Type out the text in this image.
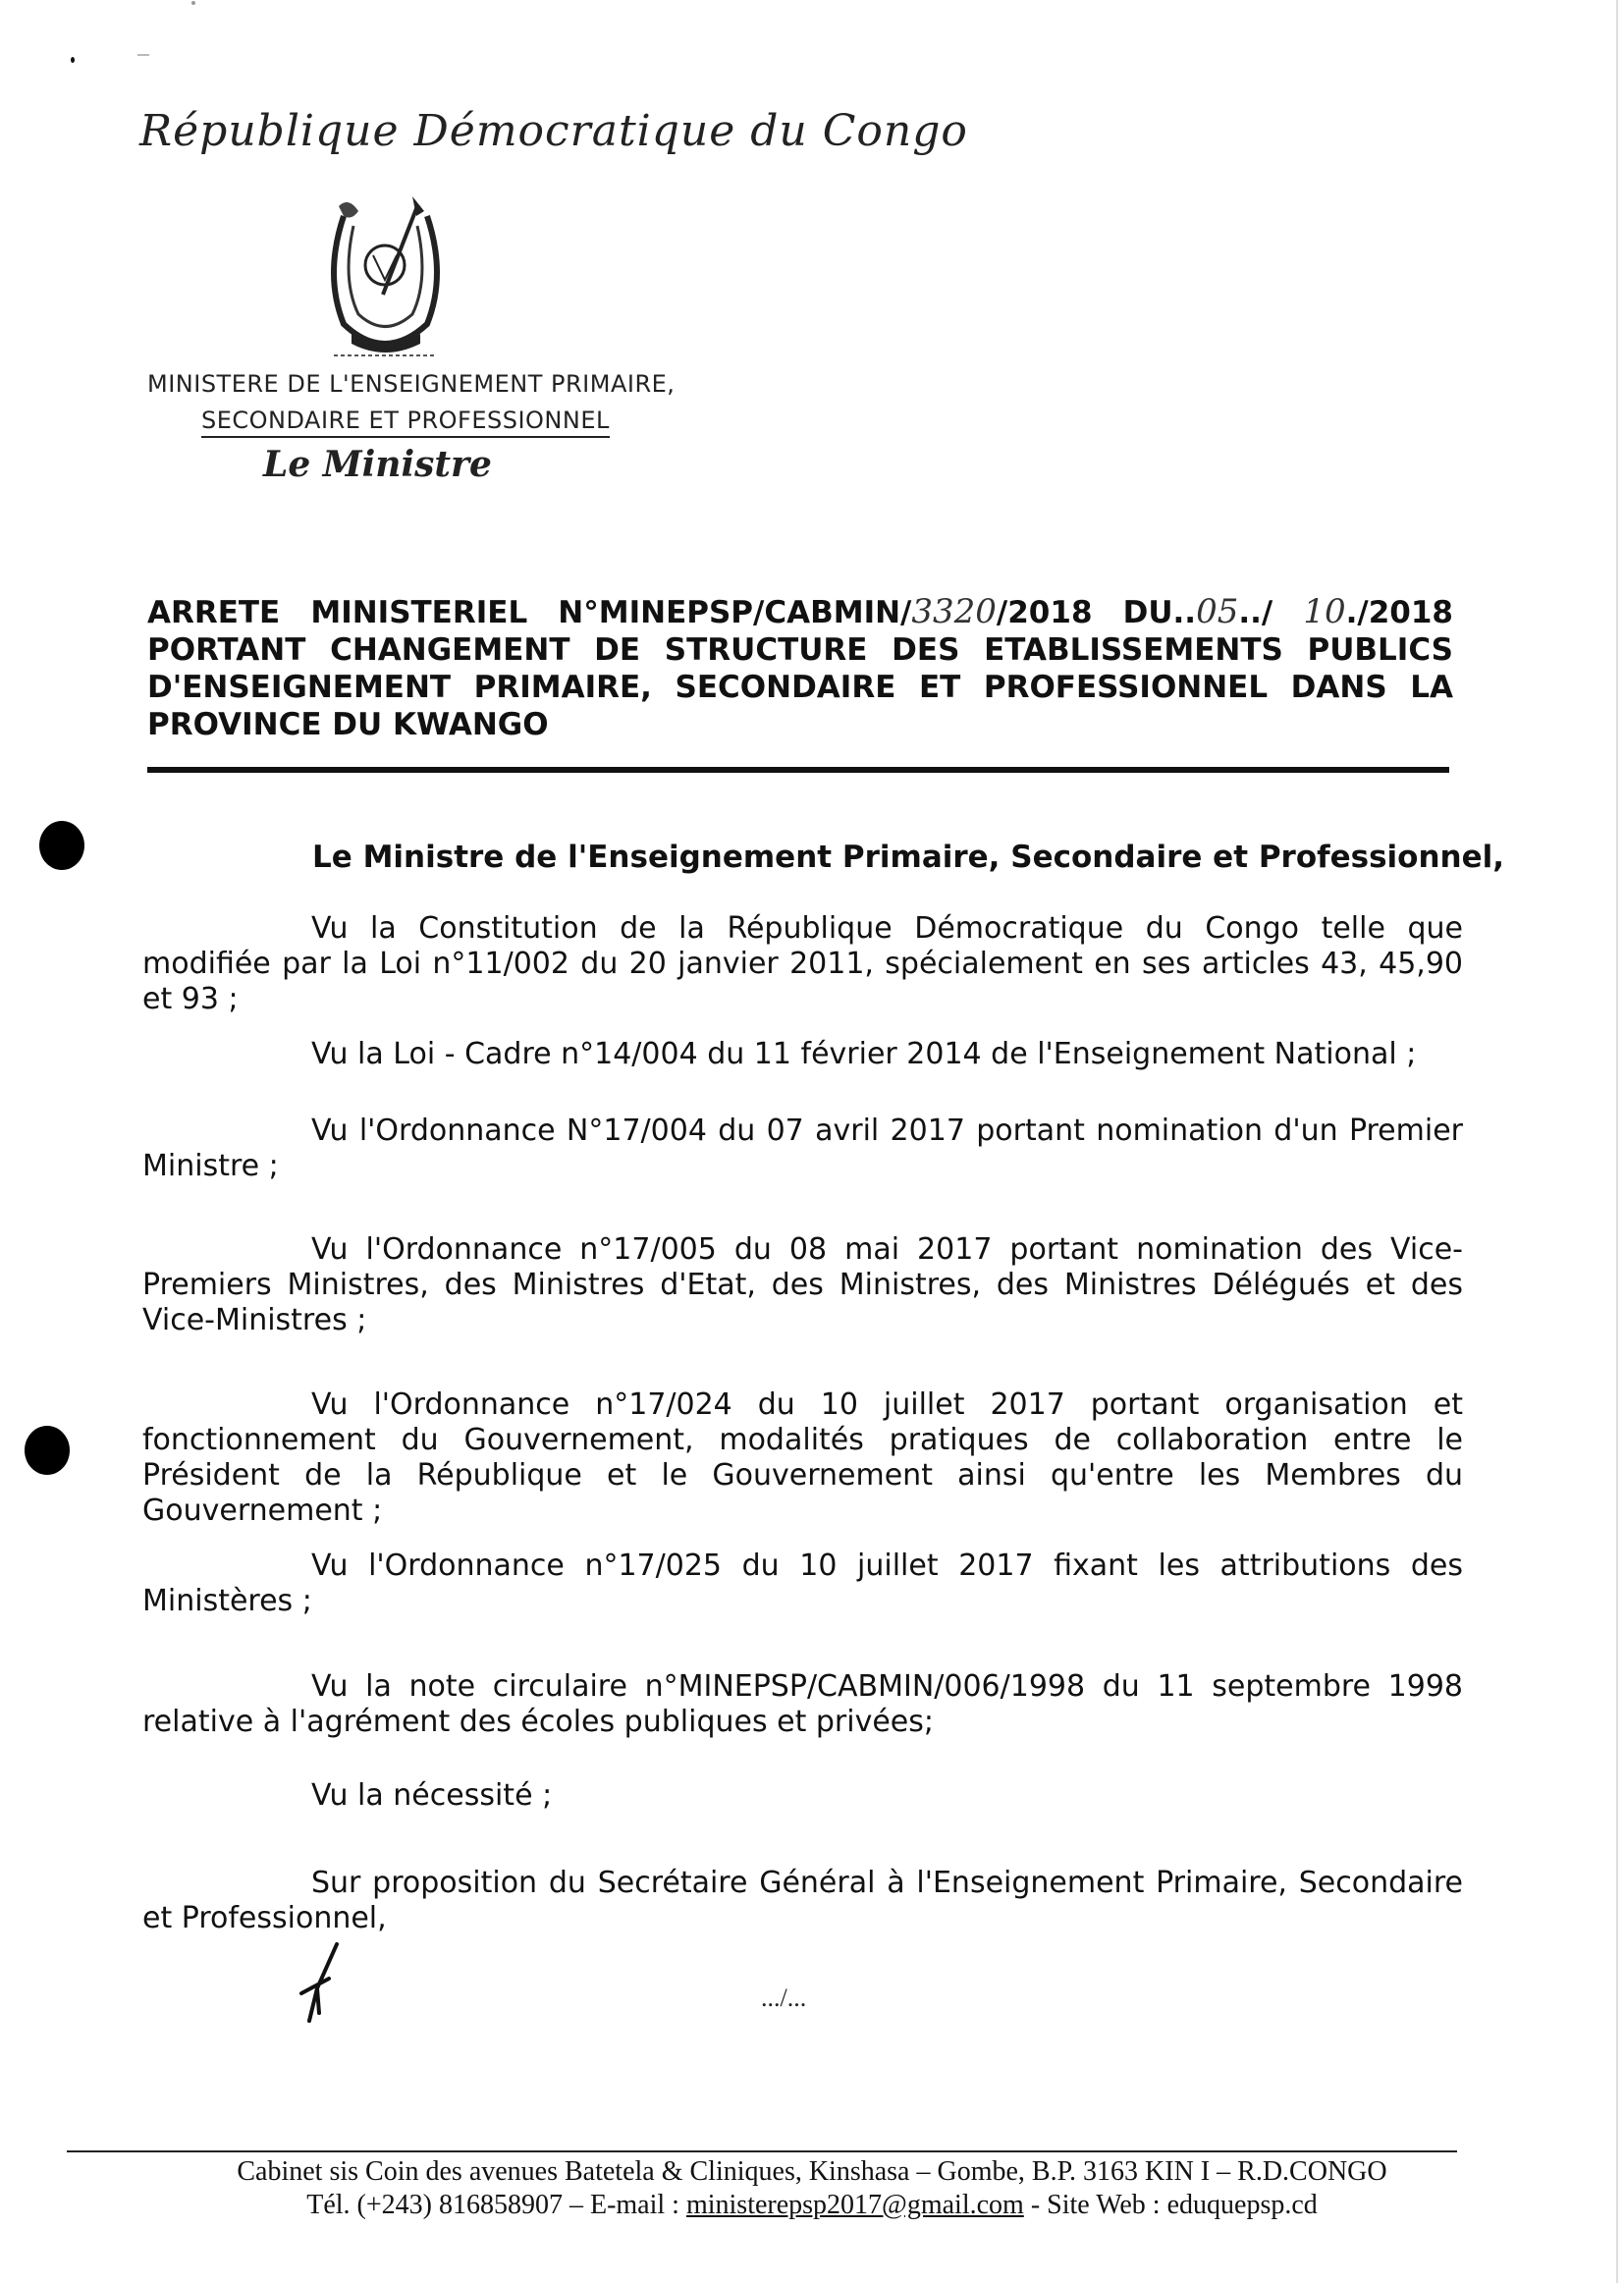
République Démocratique du Congo
MINISTERE DE L'ENSEIGNEMENT PRIMAIRE,
SECONDAIRE ET PROFESSIONNEL
Le Ministre
ARRETE MINISTERIEL N°MINEPSP/CABMIN/3320/2018 DU..05../ 10./2018
PORTANT CHANGEMENT DE STRUCTURE DES ETABLISSEMENTS PUBLICS
D'ENSEIGNEMENT PRIMAIRE, SECONDAIRE ET PROFESSIONNEL DANS LA
PROVINCE DU KWANGO
Le Ministre de l'Enseignement Primaire, Secondaire et Professionnel,
Vu la Constitution de la République Démocratique du Congo telle que modifiée par la Loi n°11/002 du 20 janvier 2011, spécialement en ses articles 43, 45,90 et 93 ;
Vu la Loi - Cadre n°14/004 du 11 février 2014 de l'Enseignement National ;
Vu l'Ordonnance N°17/004 du 07 avril 2017 portant nomination d'un Premier Ministre ;
Vu l'Ordonnance n°17/005 du 08 mai 2017 portant nomination des Vice-Premiers Ministres, des Ministres d'Etat, des Ministres, des Ministres Délégués et des Vice-Ministres ;
Vu l'Ordonnance n°17/024 du 10 juillet 2017 portant organisation et fonctionnement du Gouvernement, modalités pratiques de collaboration entre le Président de la République et le Gouvernement ainsi qu'entre les Membres du Gouvernement ;
Vu l'Ordonnance n°17/025 du 10 juillet 2017 fixant les attributions des Ministères ;
Vu la note circulaire n°MINEPSP/CABMIN/006/1998 du 11 septembre 1998 relative à l'agrément des écoles publiques et privées;
Vu la nécessité ;
Sur proposition du Secrétaire Général à l'Enseignement Primaire, Secondaire et Professionnel,
.../...
Cabinet sis Coin des avenues Batetela & Cliniques, Kinshasa – Gombe, B.P. 3163 KIN I – R.D.CONGO
Tél. (+243) 816858907 – E-mail : ministerepsp2017@gmail.com - Site Web : eduquepsp.cd
